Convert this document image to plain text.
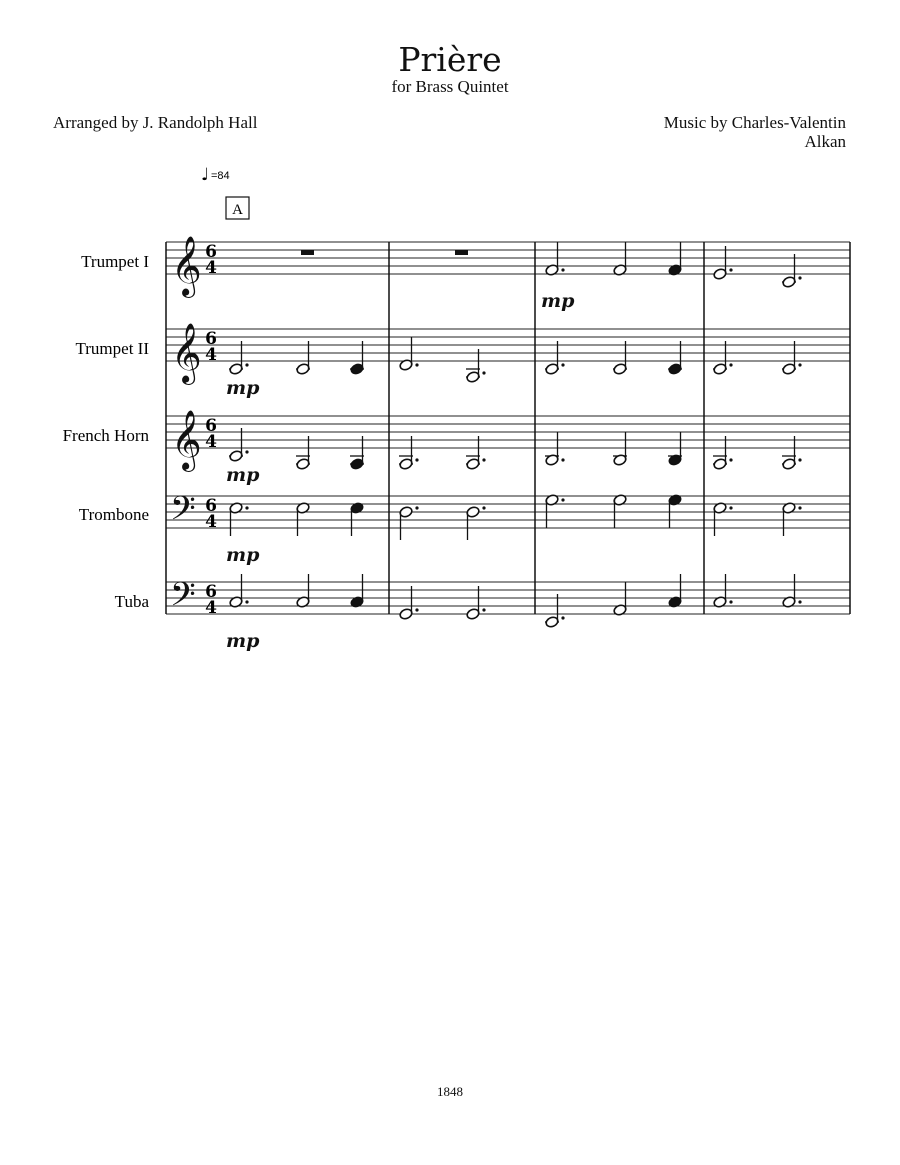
Prière
for Brass Quintet
Arranged by J. Randolph Hall	Music by Charles-Valentin
Alkan
♩ =84
A
Trumpet I
Trumpet II
French Horn
Trombone
Tuba
𝄞
𝄞
𝄞
𝄢
𝄢
6
4
6
4
6
4
6
4
6
4
mp
mp
mp
mp
mp
1848
